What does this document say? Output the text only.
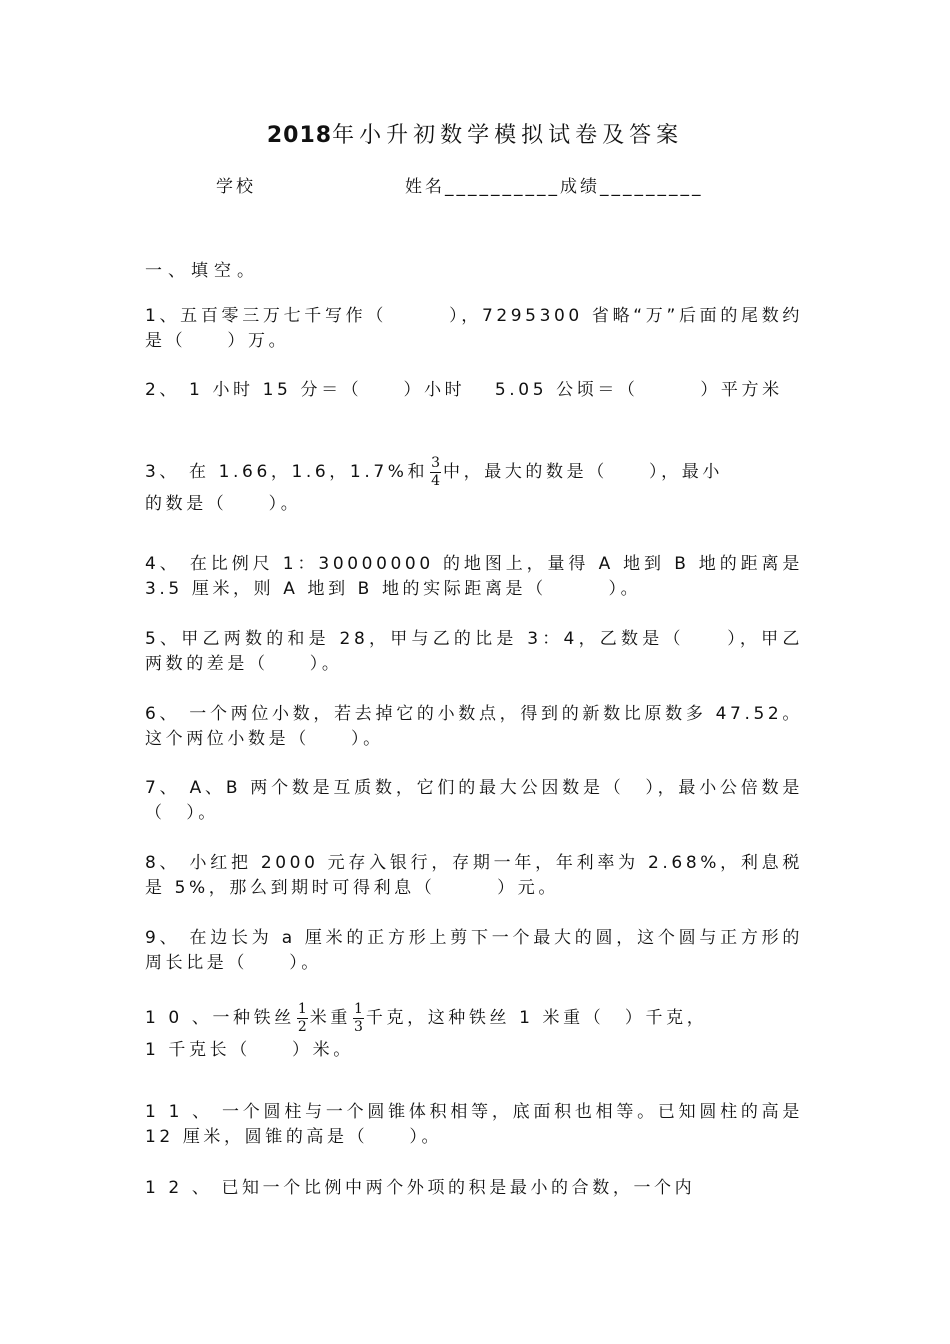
2018年小升初数学模拟试卷及答案
学校	姓名__________成绩_________
一、填空。
1、五百零三万七千写作（　　　），7295300 省略“万”后面的尾数约是（　　）万。
2、 1 小时 15 分＝（　　）小时　 5.05 公顷＝（　　　）平方米
3、 在 1.66，1.6，1.7%和 $\frac{3}{4}$ 中，最大的数是（　　），最小
的数是（　　）。
4、 在比例尺 1：30000000 的地图上，量得 A 地到 B 地的距离是 3.5 厘米，则 A 地到 B 地的实际距离是（　　　）。
5、甲乙两数的和是 28，甲与乙的比是 3：4，乙数是（　　），甲乙两数的差是（　　）。
6、 一个两位小数，若去掉它的小数点，得到的新数比原数多 47.52。这个两位小数是（　　）。
7、 A、B 两个数是互质数，它们的最大公因数是（　），最小公倍数是（　）。
8、 小红把 2000 元存入银行，存期一年，年利率为 2.68%，利息税是 5%，那么到期时可得利息（　　　）元。
9、 在边长为 a 厘米的正方形上剪下一个最大的圆，这个圆与正方形的周长比是（　　）。
1 0 、一种铁丝 $\frac{1}{2}$ 米重 $\frac{1}{3}$ 千克，这种铁丝 1 米重（　）千克，
1 千克长（　　）米。
1 1 、 一个圆柱与一个圆锥体积相等，底面积也相等。已知圆柱的高是 12 厘米，圆锥的高是（　　）。
1 2 、 已知一个比例中两个外项的积是最小的合数，一个内
